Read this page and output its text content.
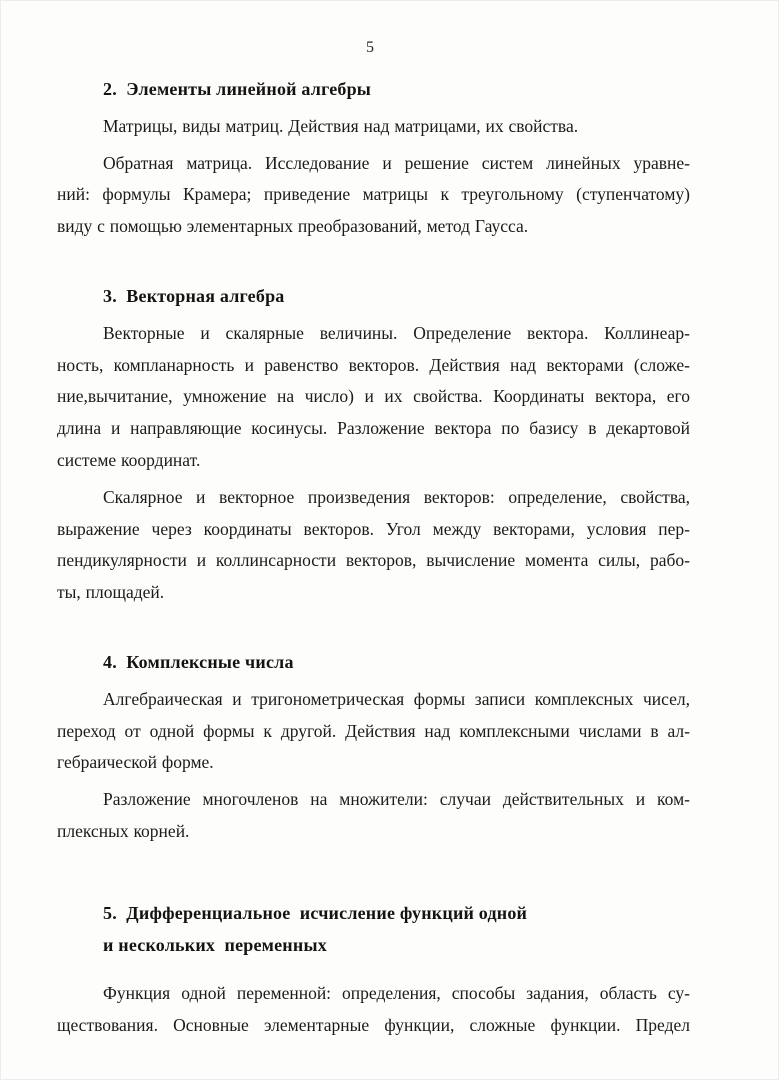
5
2.  Элементы линейной алгебры
Матрицы, виды матриц. Действия над матрицами, их свойства.
Обратная матрица. Исследование и решение систем линейных уравне-
ний: формулы Крамера; приведение матрицы к треугольному (ступенчатому)
виду с помощью элементарных преобразований, метод Гаусса.
3.  Векторная алгебра
Векторные и скалярные величины. Определение вектора. Коллинеар-
ность, компланарность и равенство векторов. Действия над векторами (сложе-
ние,вычитание, умножение на число) и их свойства. Координаты вектора, его
длина и направляющие косинусы. Разложение вектора по базису в декартовой
системе координат.
Скалярное и векторное произведения векторов: определение, свойства,
выражение через координаты векторов. Угол между векторами, условия пер-
пендикулярности и коллинсарности векторов, вычисление момента силы, рабо-
ты, площадей.
4.  Комплексные числа
Алгебраическая и тригонометрическая формы записи комплексных чисел,
переход от одной формы к другой. Действия над комплексными числами в ал-
гебраической форме.
Разложение многочленов на множители: случаи действительных и ком-
плексных корней.
5.  Дифференциальное  исчисление функций одной
и нескольких  переменных
Функция одной переменной: определения, способы задания, область су-
ществования. Основные элементарные функции, сложные функции. Предел
